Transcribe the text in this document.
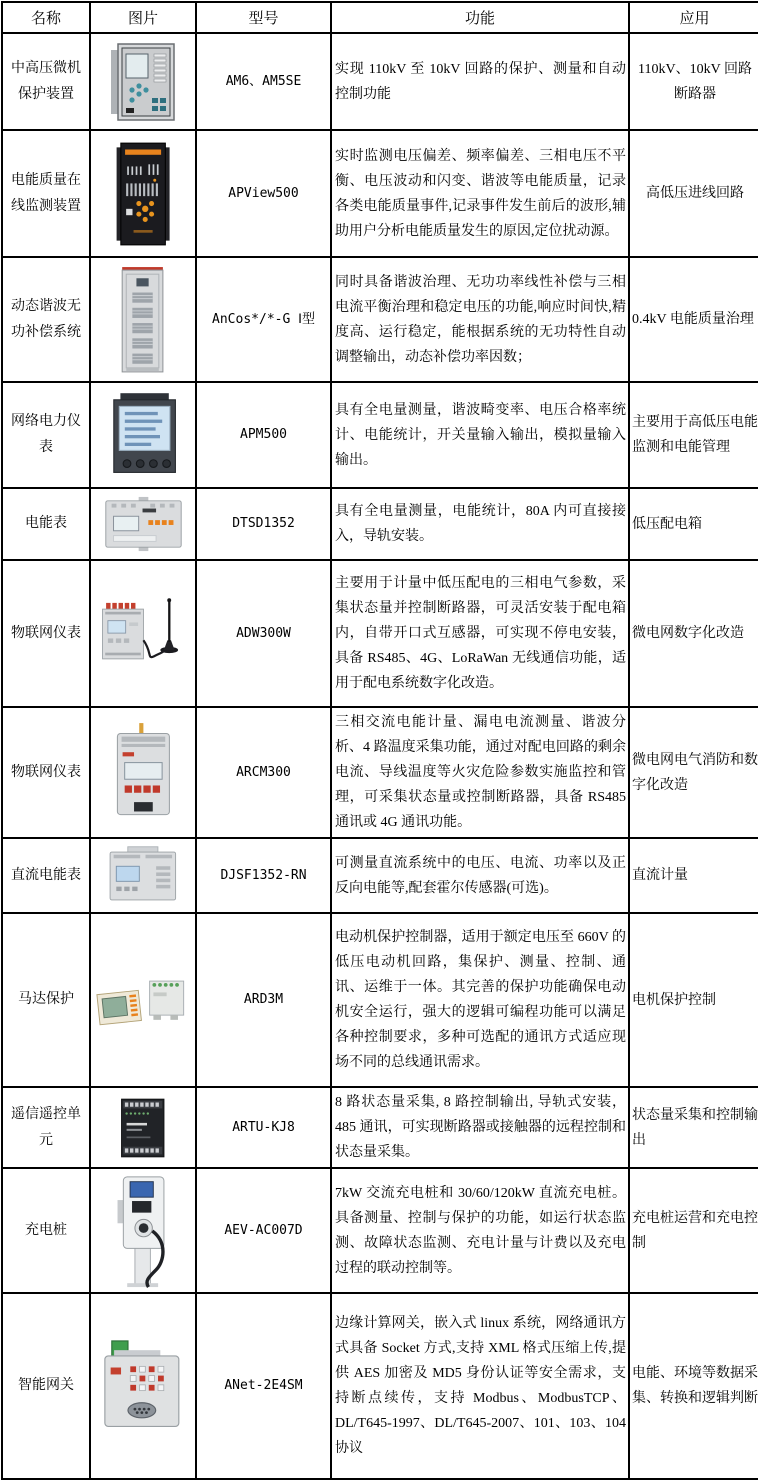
名称	图片	型号	功能	应用
中高压微机保护装置		AM6、AM5SE	实现 110kV 至 10kV 回路的保护、测量和自动控制功能	110kV、10kV 回路断路器
电能质量在线监测装置		APView500	实时监测电压偏差、频率偏差、三相电压不平衡、电压波动和闪变、谐波等电能质量，记录各类电能质量事件,记录事件发生前后的波形,辅助用户分析电能质量发生的原因,定位扰动源。	高低压进线回路
动态谐波无功补偿系统		AnCos*/*-G Ⅰ型	同时具备谐波治理、无功功率线性补偿与三相电流平衡治理和稳定电压的功能,响应时间快,精度高、运行稳定，能根据系统的无功特性自动调整输出，动态补偿功率因数；	0.4kV 电能质量治理
网络电力仪表		APM500	具有全电量测量，谐波畸变率、电压合格率统计、电能统计，开关量输入输出，模拟量输入输出。	主要用于高低压电能监测和电能管理
电能表		DTSD1352	具有全电量测量，电能统计，80A 内可直接接入，导轨安装。	低压配电箱
物联网仪表		ADW300W	主要用于计量中低压配电的三相电气参数，采集状态量并控制断路器，可灵活安装于配电箱内，自带开口式互感器，可实现不停电安装，具备 RS485、4G、LoRaWan 无线通信功能，适用于配电系统数字化改造。	微电网数字化改造
物联网仪表		ARCM300	三相交流电能计量、漏电电流测量、谐波分析、4 路温度采集功能，通过对配电回路的剩余电流、导线温度等火灾危险参数实施监控和管理，可采集状态量或控制断路器，具备 RS485 通讯或 4G 通讯功能。	微电网电气消防和数字化改造
直流电能表		DJSF1352-RN	可测量直流系统中的电压、电流、功率以及正反向电能等,配套霍尔传感器(可选)。	直流计量
马达保护		ARD3M	电动机保护控制器，适用于额定电压至 660V 的低压电动机回路，集保护、测量、控制、通讯、运维于一体。其完善的保护功能确保电动机安全运行，强大的逻辑可编程功能可以满足各种控制要求，多种可选配的通讯方式适应现场不同的总线通讯需求。	电机保护控制
遥信遥控单元		ARTU-KJ8	8 路状态量采集, 8 路控制输出, 导轨式安装，485 通讯，可实现断路器或接触器的远程控制和状态量采集。	状态量采集和控制输出
充电桩		AEV-AC007D	7kW 交流充电桩和 30/60/120kW 直流充电桩。具备测量、控制与保护的功能，如运行状态监测、故障状态监测、充电计量与计费以及充电过程的联动控制等。	充电桩运营和充电控制
智能网关		ANet-2E4SM	边缘计算网关，嵌入式 linux 系统，网络通讯方式具备 Socket 方式,支持 XML 格式压缩上传,提供 AES 加密及 MD5 身份认证等安全需求，支持断点续传，支持 Modbus、ModbusTCP、DL/T645-1997、DL/T645-2007、101、103、104 协议	电能、环境等数据采集、转换和逻辑判断
